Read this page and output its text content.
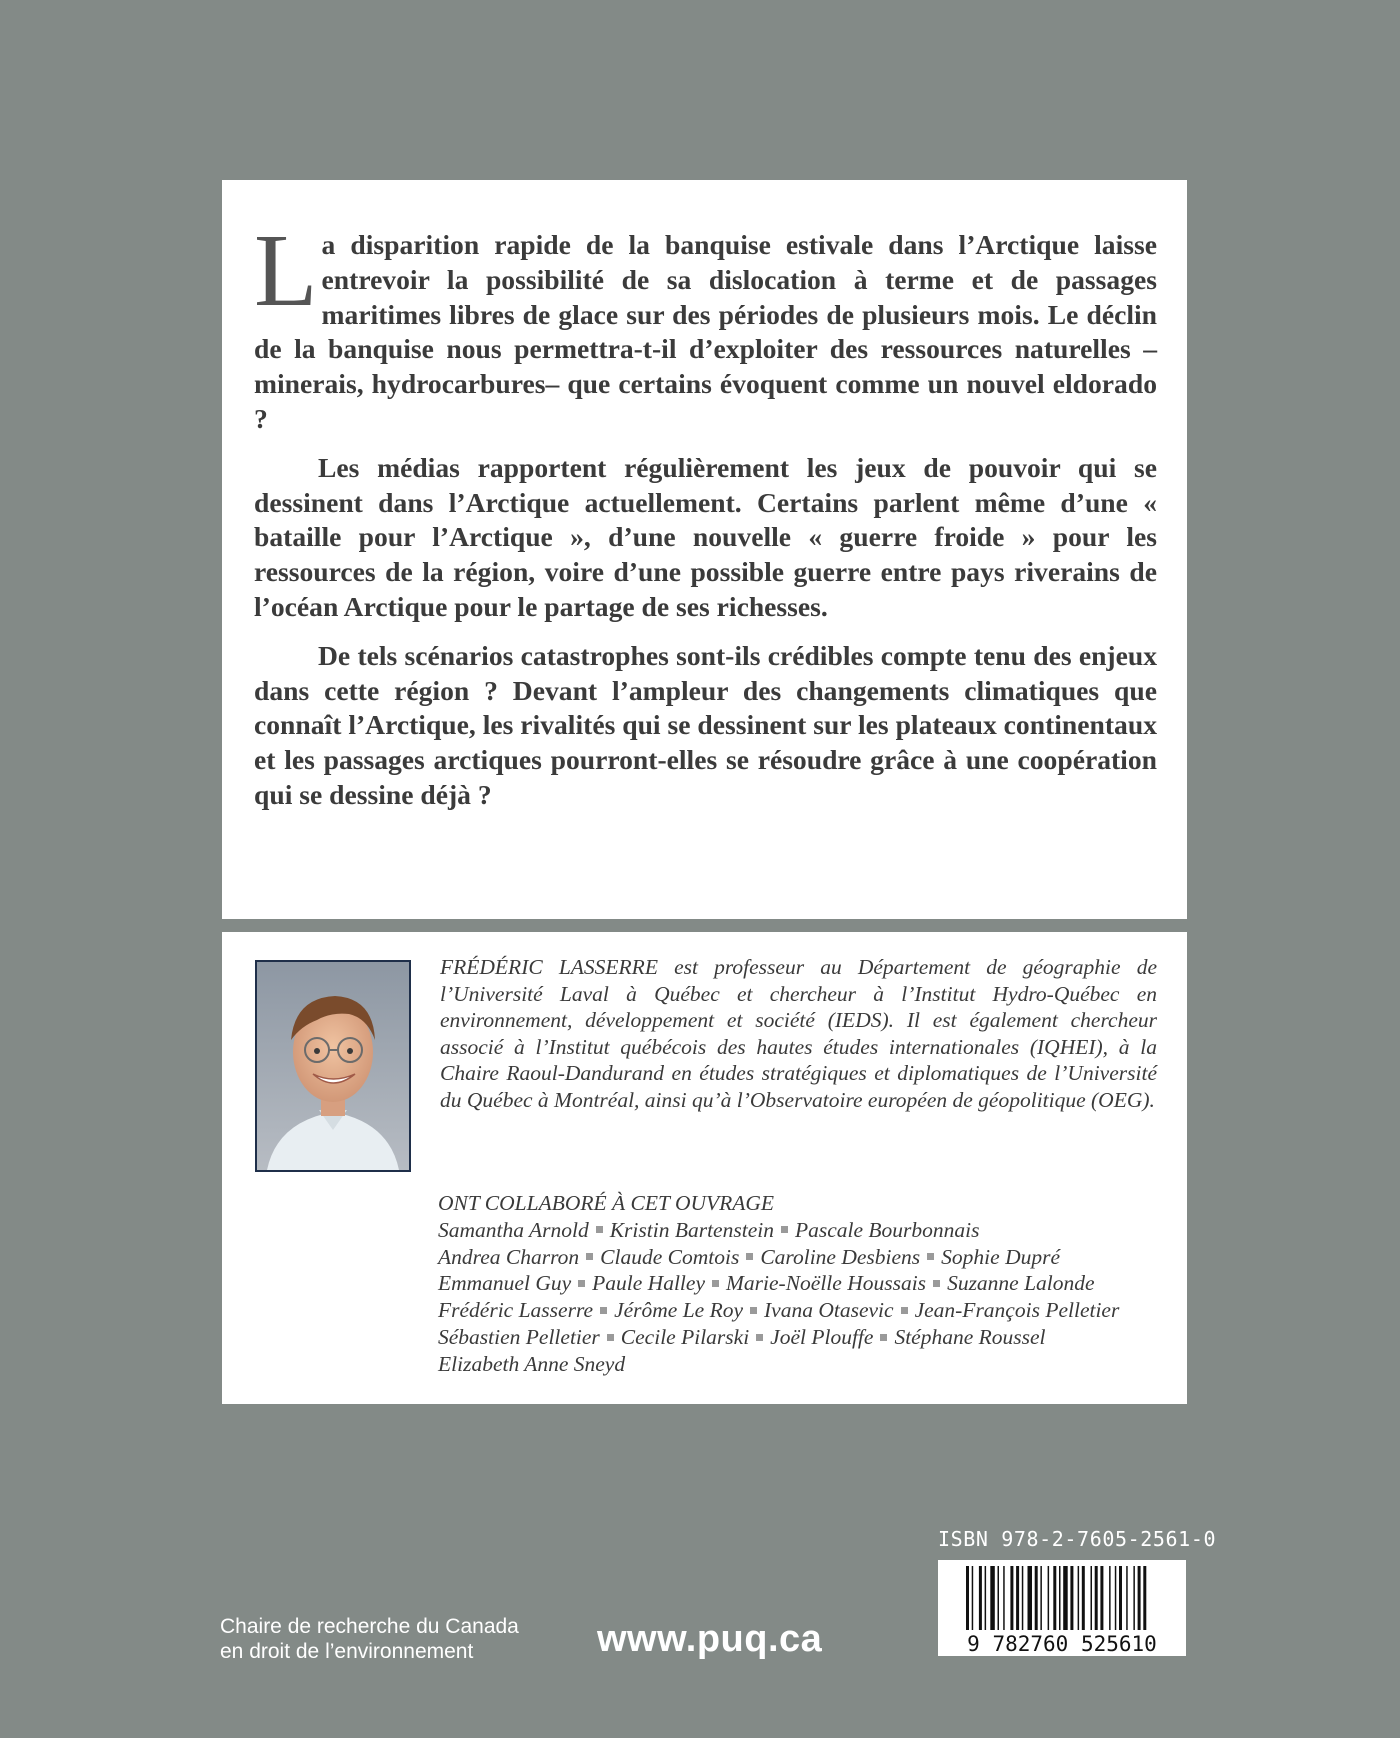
La disparition rapide de la banquise estivale dans l’Arctique laisse entrevoir la possibilité de sa dislocation à terme et de passages maritimes libres de glace sur des périodes de plusieurs mois. Le déclin de la banquise nous permettra-t-il d’exploiter des ressources naturelles –minerais, hydrocarbures– que certains évoquent comme un nouvel eldorado ?

Les médias rapportent régulièrement les jeux de pouvoir qui se dessinent dans l’Arctique actuellement. Certains parlent même d’une « bataille pour l’Arctique », d’une nouvelle « guerre froide » pour les ressources de la région, voire d’une possible guerre entre pays riverains de l’océan Arctique pour le partage de ses richesses.

De tels scénarios catastrophes sont-ils crédibles compte tenu des enjeux dans cette région ? Devant l’ampleur des changements climatiques que connaît l’Arctique, les rivalités qui se dessinent sur les plateaux continentaux et les passages arctiques pourront-elles se résoudre grâce à une coopération qui se dessine déjà ?

FRÉDÉRIC LASSERRE est professeur au Département de géographie de l’Université Laval à Québec et chercheur à l’Institut Hydro-Québec en environnement, développement et société (IEDS). Il est également chercheur associé à l’Institut québécois des hautes études internationales (IQHEI), à la Chaire Raoul-Dandurand en études stratégiques et diplomatiques de l’Université du Québec à Montréal, ainsi qu’à l’Observatoire européen de géopolitique (OEG).

ONT COLLABORÉ À CET OUVRAGE

Samantha Arnold Kristin Bartenstein Pascale Bourbonnais
Andrea Charron Claude Comtois Caroline Desbiens Sophie Dupré
Emmanuel Guy Paule Halley Marie-Noëlle Houssais Suzanne Lalonde
Frédéric Lasserre Jérôme Le Roy Ivana Otasevic Jean-François Pelletier
Sébastien Pelletier Cecile Pilarski Joël Plouffe Stéphane Roussel
Elizabeth Anne Sneyd
Chaire de recherche du Canada
en droit de l’environnement	www.puq.ca
ISBN 978-2-7605-2561-0
9 782760 525610
